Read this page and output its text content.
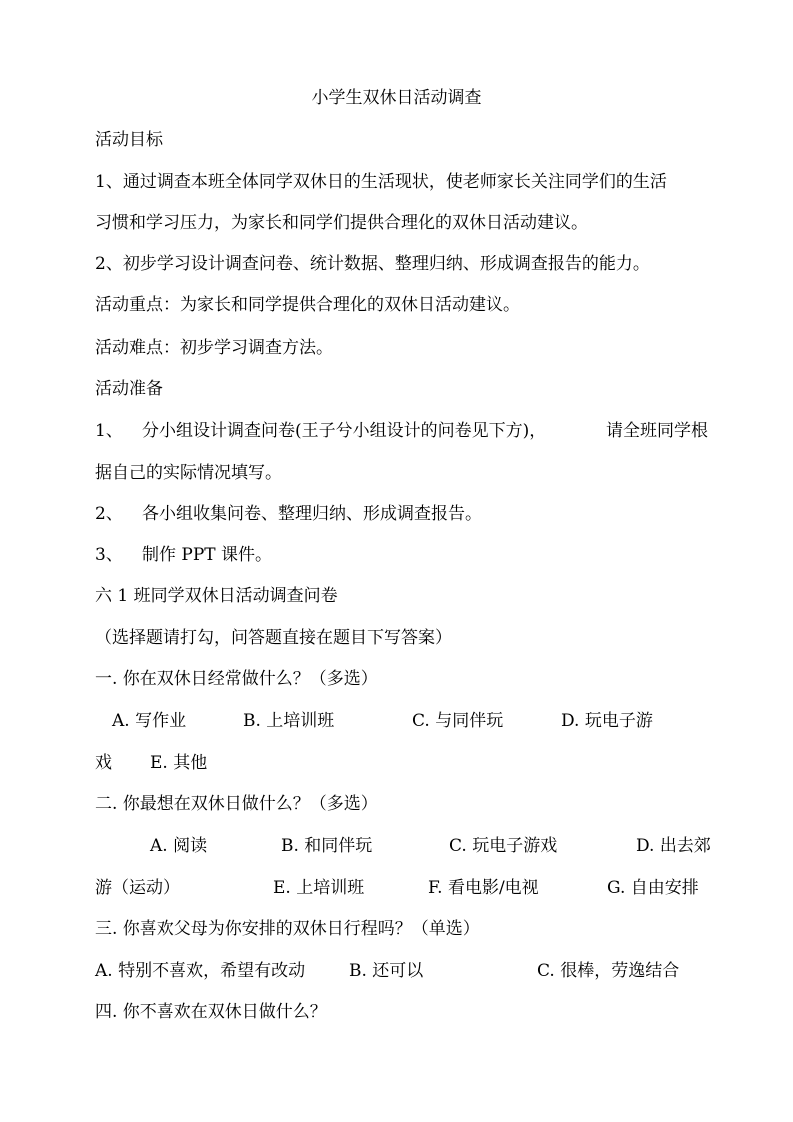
小学生双休日活动调查
活动目标
1、通过调查本班全体同学双休日的生活现状，使老师家长关注同学们的生活
习惯和学习压力，为家长和同学们提供合理化的双休日活动建议。
2、初步学习设计调查问卷、统计数据、整理归纳、形成调查报告的能力。
活动重点：为家长和同学提供合理化的双休日活动建议。
活动难点：初步学习调查方法。
活动准备
1、 分小组设计调查问卷(王子兮小组设计的问卷见下方)，	请全班同学根
据自己的实际情况填写。
2、 各小组收集问卷、整理归纳、形成调查报告。
3、 制作 PPT 课件。
六 1 班同学双休日活动调查问卷
（选择题请打勾，问答题直接在题目下写答案）
一. 你在双休日经常做什么？（多选）
A. 写作业	B. 上培训班	C. 与同伴玩	D. 玩电子游
戏 E. 其他
二. 你最想在双休日做什么？（多选）
A. 阅读	B. 和同伴玩	C. 玩电子游戏	D. 出去郊
游（运动）	E. 上培训班	F. 看电影/电视	G. 自由安排
三. 你喜欢父母为你安排的双休日行程吗？（单选）
A. 特别不喜欢，希望有改动	B. 还可以	C. 很棒，劳逸结合
四. 你不喜欢在双休日做什么？
